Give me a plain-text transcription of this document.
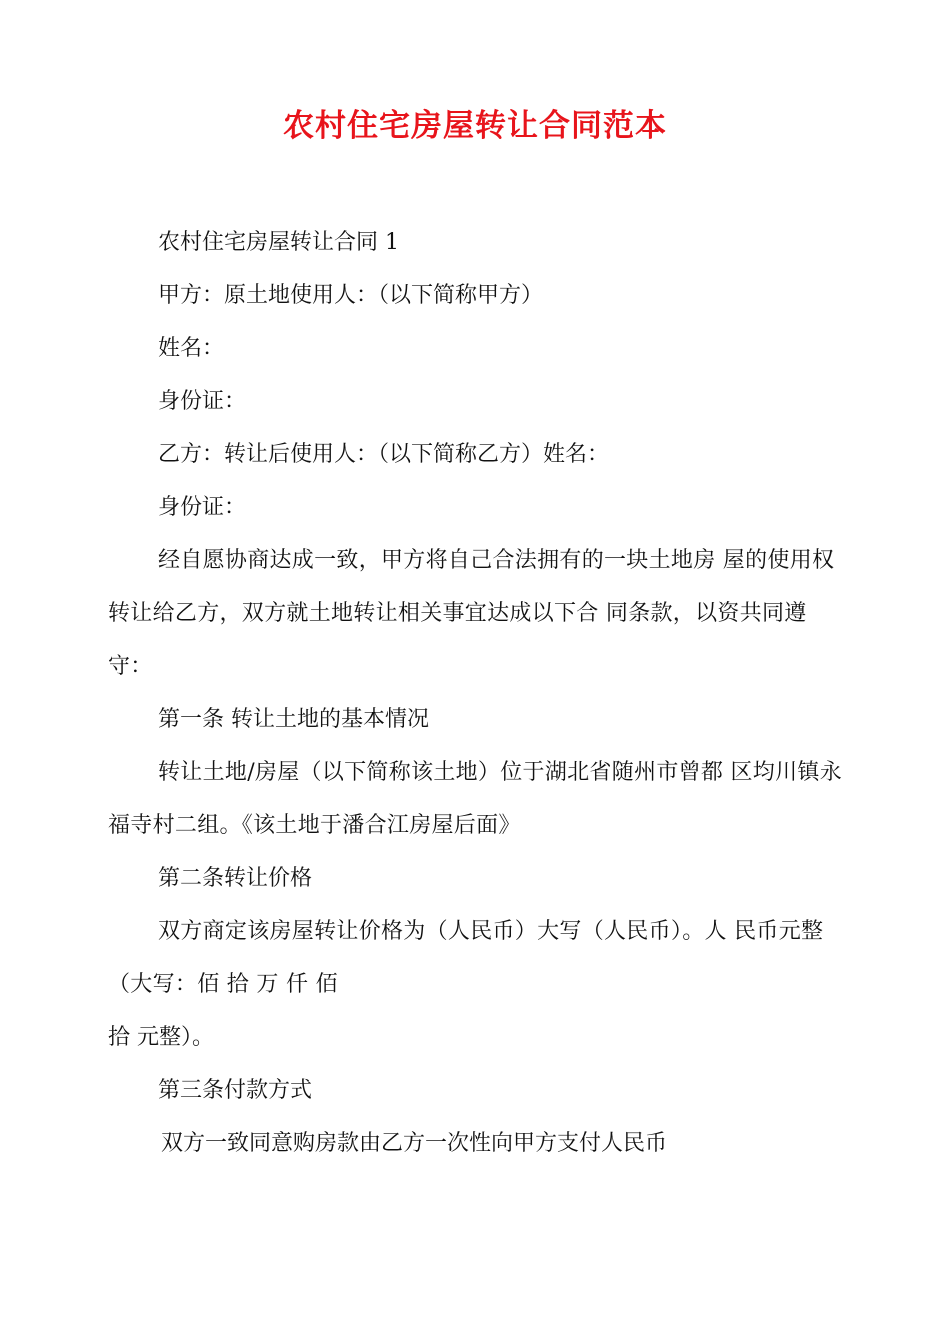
农村住宅房屋转让合同范本

农村住宅房屋转让合同 1

甲方：原土地使用人：（以下简称甲方）

姓名：

身份证：

乙方：转让后使用人：（以下简称乙方）姓名：

身份证：

经自愿协商达成一致，甲方将自己合法拥有的一块土地房 屋的使用权转让给乙方，双方就土地转让相关事宜达成以下合 同条款，以资共同遵守：

第一条 转让土地的基本情况

转让土地/房屋（以下简称该土地）位于湖北省随州市曾都 区均川镇永福寺村二组。《该土地于潘合江房屋后面》

第二条转让价格

双方商定该房屋转让价格为（人民币）大写（人民币）。人 民币元整（大写：佰 拾 万 仟 佰

拾 元整）。

第三条付款方式

双方一致同意购房款由乙方一次性向甲方支付人民币
